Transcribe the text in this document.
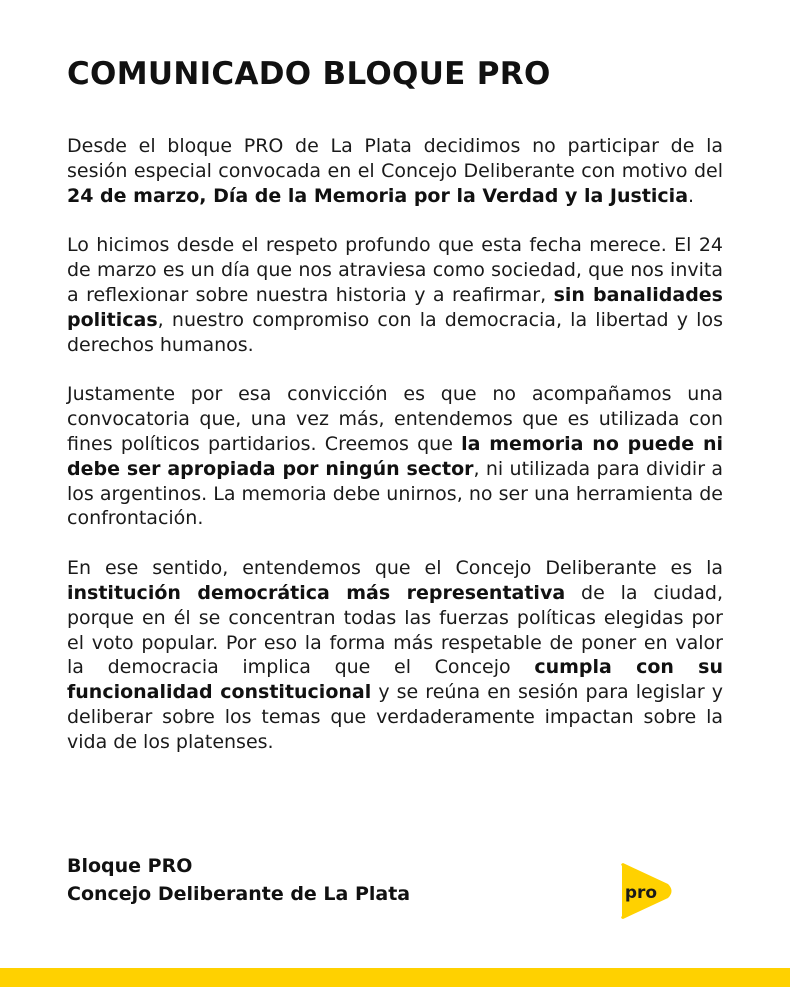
COMUNICADO BLOQUE PRO

Desde el bloque PRO de La Plata decidimos no participar de la sesión especial convocada en el Concejo Deliberante con motivo del 24 de marzo, Día de la Memoria por la Verdad y la Justicia.

Lo hicimos desde el respeto profundo que esta fecha merece. El 24 de marzo es un día que nos atraviesa como sociedad, que nos invita a reflexionar sobre nuestra historia y a reafirmar, sin banalidades politicas, nuestro compromiso con la democracia, la libertad y los derechos humanos.

Justamente por esa convicción es que no acompañamos una convocatoria que, una vez más, entendemos que es utilizada con fines políticos partidarios. Creemos que la memoria no puede ni debe ser apropiada por ningún sector, ni utilizada para dividir a los argentinos. La memoria debe unirnos, no ser una herramienta de confrontación.

En ese sentido, entendemos que el Concejo Deliberante es la institución democrática más representativa de la ciudad, porque en él se concentran todas las fuerzas políticas elegidas por el voto popular. Por eso la forma más respetable de poner en valor la democracia implica que el Concejo cumpla con su funcionalidad constitucional y se reúna en sesión para legislar y deliberar sobre los temas que verdaderamente impactan sobre la vida de los platenses.

Bloque PRO
Concejo Deliberante de La Plata	pro
